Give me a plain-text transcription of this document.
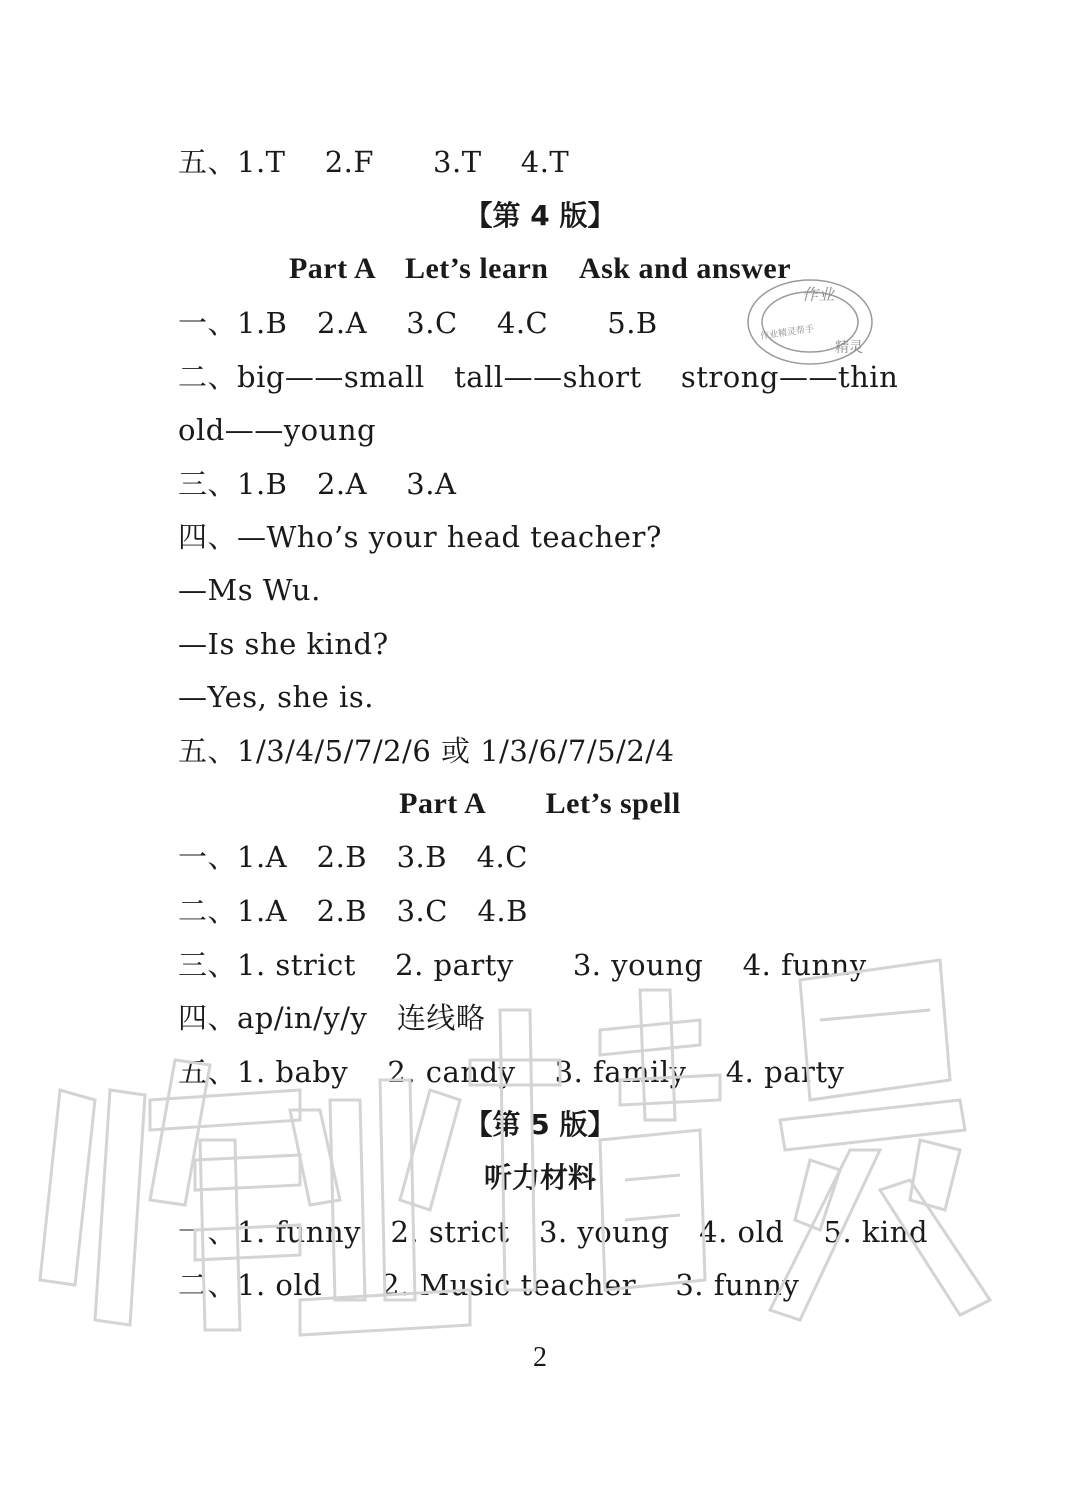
五、1.T　 2.F　　3.T　 4.T
【第 4 版】
Part A　Let’s learn　Ask and answer
一、1.B　2.A　 3.C　 4.C　　5.B
二、big——small　tall——short　 strong——thin
old——young
三、1.B　2.A　 3.A
四、—Who’s your head teacher?
—Ms Wu.
—Is she kind?
—Yes, she is.
五、1/3/4/5/7/2/6 或 1/3/6/7/5/2/4
Part A　　Let’s spell
一、1.A　2.B　3.B　4.C
二、1.A　2.B　3.C　4.B
三、1. strict　 2. party　　3. young　 4. funny
四、ap/in/y/y　连线略
五、1. baby　 2. candy　 3. family　 4. party
【第 5 版】
听力材料
一、1. funny　2. strict　3. young　4. old　 5. kind
二、1. old　　2. Music teacher　 3. funny
2
作业
作业精灵帮手
精灵
